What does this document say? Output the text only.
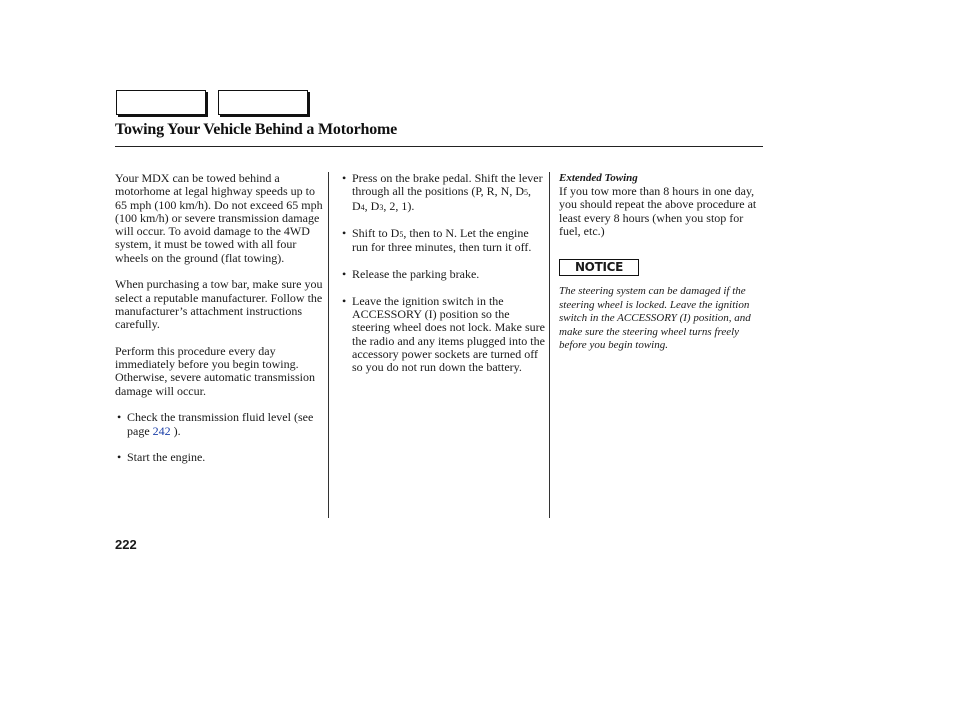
Towing Your Vehicle Behind a Motorhome

Your MDX can be towed behind a motorhome at legal highway speeds up to 65 mph (100 km/h). Do not exceed 65 mph (100 km/h) or severe transmission damage will occur. To avoid damage to the 4WD system, it must be towed with all four wheels on the ground (flat towing).

When purchasing a tow bar, make sure you select a reputable manufacturer. Follow the manufacturer’s attachment instructions carefully.

Perform this procedure every day immediately before you begin towing. Otherwise, severe automatic transmission damage will occur.

• Check the transmission fluid level (see page 242 ).
• Start the engine.
• Press on the brake pedal. Shift the lever through all the positions (P, R, N, D5, D4, D3, 2, 1).
• Shift to D5, then to N. Let the engine run for three minutes, then turn it off.
• Release the parking brake.
• Leave the ignition switch in the ACCESSORY (I) position so the steering wheel does not lock. Make sure the radio and any items plugged into the accessory power sockets are turned off so you do not run down the battery.
Extended Towing

If you tow more than 8 hours in one day, you should repeat the above procedure at least every 8 hours (when you stop for fuel, etc.)

NOTICE
The steering system can be damaged if the steering wheel is locked. Leave the ignition switch in the ACCESSORY (I) position, and make sure the steering wheel turns freely before you begin towing.
222
